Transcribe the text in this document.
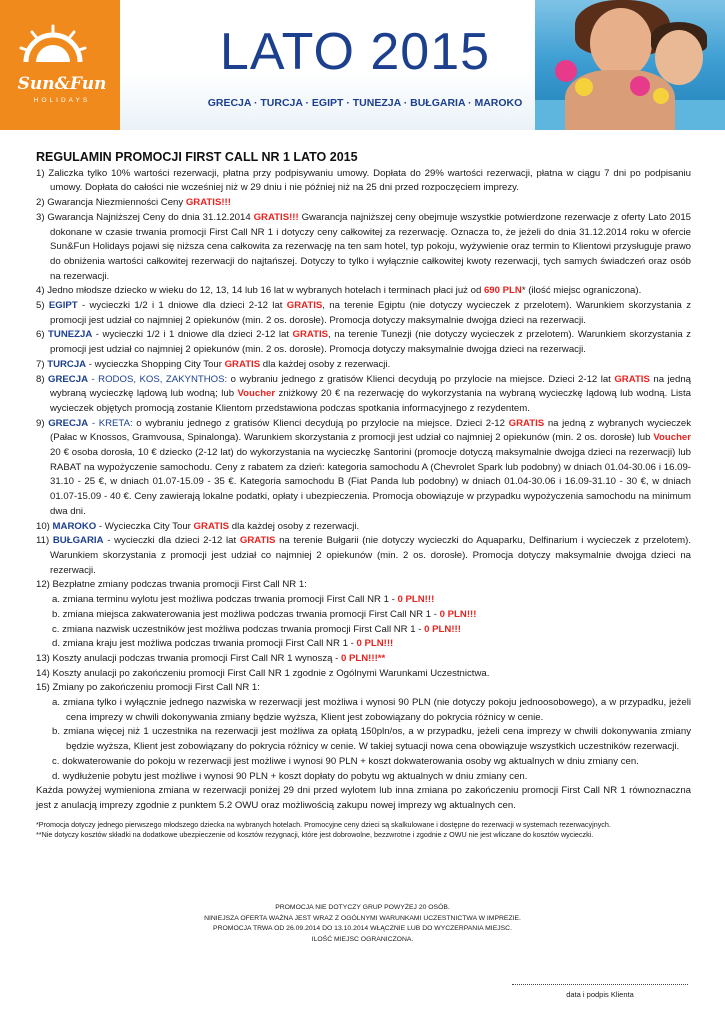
Sun&Fun
HOLIDAYS
LATO 2015
GRECJA · TURCJA · EGIPT · TUNEZJA · BUŁGARIA · MAROKO
REGULAMIN PROMOCJI FIRST CALL NR 1 LATO 2015
1) Zaliczka tylko 10% wartości rezerwacji, płatna przy podpisywaniu umowy. Dopłata do 29% wartości rezerwacji, płatna w ciągu 7 dni po podpisaniu umowy. Dopłata do całości nie wcześniej niż w 29 dniu i nie później niż na 25 dni przed rozpoczęciem imprezy.
2) Gwarancja Niezmienności Ceny GRATIS!!!
3) Gwarancja Najniższej Ceny do dnia 31.12.2014 GRATIS!!! Gwarancja najniższej ceny obejmuje wszystkie potwierdzone rezerwacje z oferty Lato 2015 dokonane w czasie trwania promocji First Call NR 1 i dotyczy ceny całkowitej za rezerwację. Oznacza to, że jeżeli do dnia 31.12.2014 roku w ofercie Sun&Fun Holidays pojawi się niższa cena całkowita za rezerwację na ten sam hotel, typ pokoju, wyżywienie oraz termin to Klientowi przysługuje prawo do obniżenia wartości całkowitej rezerwacji do najtańszej. Dotyczy to tylko i wyłącznie całkowitej kwoty rezerwacji, tych samych świadczeń oraz osób na rezerwacji.
4) Jedno młodsze dziecko w wieku do 12, 13, 14 lub 16 lat w wybranych hotelach i terminach płaci już od 690 PLN* (ilość miejsc ograniczona).
5) EGIPT - wycieczki 1/2 i 1 dniowe dla dzieci 2-12 lat GRATIS, na terenie Egiptu (nie dotyczy wycieczek z przelotem). Warunkiem skorzystania z promocji jest udział co najmniej 2 opiekunów (min. 2 os. dorosłe). Promocja dotyczy maksymalnie dwojga dzieci na rezerwacji.
6) TUNEZJA - wycieczki 1/2 i 1 dniowe dla dzieci 2-12 lat GRATIS, na terenie Tunezji (nie dotyczy wycieczek z przelotem). Warunkiem skorzystania z promocji jest udział co najmniej 2 opiekunów (min. 2 os. dorosłe). Promocja dotyczy maksymalnie dwojga dzieci na rezerwacji.
7) TURCJA - wycieczka Shopping City Tour GRATIS dla każdej osoby z rezerwacji.
8) GRECJA - RODOS, KOS, ZAKYNTHOS: o wybraniu jednego z gratisów Klienci decydują po przylocie na miejsce. Dzieci 2-12 lat GRATIS na jedną wybraną wycieczkę lądową lub wodną; lub Voucher zniżkowy 20 € na rezerwację do wykorzystania na wybraną wycieczkę lądową lub wodną. Lista wycieczek objętych promocją zostanie Klientom przedstawiona podczas spotkania informacyjnego z rezydentem.
9) GRECJA - KRETA: o wybraniu jednego z gratisów Klienci decydują po przylocie na miejsce. Dzieci 2-12 GRATIS na jedną z wybranych wycieczek (Pałac w Knossos, Gramvousa, Spinalonga). Warunkiem skorzystania z promocji jest udział co najmniej 2 opiekunów (min. 2 os. dorosłe) lub Voucher 20 € osoba dorosła, 10 € dziecko (2-12 lat) do wykorzystania na wycieczkę Santorini (promocje dotyczą maksymalnie dwojga dzieci na rezerwacji) lub RABAT na wypożyczenie samochodu. Ceny z rabatem za dzień: kategoria samochodu A (Chevrolet Spark lub podobny) w dniach 01.04-30.06 i 16.09-31.10 - 25 €, w dniach 01.07-15.09 - 35 €. Kategoria samochodu B (Fiat Panda lub podobny) w dniach 01.04-30.06 i 16.09-31.10 - 30 €, w dniach 01.07-15.09 - 40 €. Ceny zawierają lokalne podatki, opłaty i ubezpieczenia. Promocja obowiązuje w przypadku wypożyczenia samochodu na minimum dwa dni.
10) MAROKO - Wycieczka City Tour GRATIS dla każdej osoby z rezerwacji.
11) BUŁGARIA - wycieczki dla dzieci 2-12 lat GRATIS na terenie Bułgarii (nie dotyczy wycieczki do Aquaparku, Delfinarium i wycieczek z przelotem). Warunkiem skorzystania z promocji jest udział co najmniej 2 opiekunów (min. 2 os. dorosłe). Promocja dotyczy maksymalnie dwojga dzieci na rezerwacji.
12) Bezpłatne zmiany podczas trwania promocji First Call NR 1:
a. zmiana terminu wylotu jest możliwa podczas trwania promocji First Call NR 1 - 0 PLN!!!
b. zmiana miejsca zakwaterowania jest możliwa podczas trwania promocji First Call NR 1 - 0 PLN!!!
c. zmiana nazwisk uczestników jest możliwa podczas trwania promocji First Call NR 1 - 0 PLN!!!
d. zmiana kraju jest możliwa podczas trwania promocji First Call NR 1 - 0 PLN!!!
13) Koszty anulacji podczas trwania promocji First Call NR 1 wynoszą - 0 PLN!!!**
14) Koszty anulacji po zakończeniu promocji First Call NR 1 zgodnie z Ogólnymi Warunkami Uczestnictwa.
15) Zmiany po zakończeniu promocji First Call NR 1:
a. zmiana tylko i wyłącznie jednego nazwiska w rezerwacji jest możliwa i wynosi 90 PLN (nie dotyczy pokoju jednoosobowego), a w przypadku, jeżeli cena imprezy w chwili dokonywania zmiany będzie wyższa, Klient jest zobowiązany do pokrycia różnicy w cenie.
b. zmiana więcej niż 1 uczestnika na rezerwacji jest możliwa za opłatą 150pln/os, a w przypadku, jeżeli cena imprezy w chwili dokonywania zmiany będzie wyższa, Klient jest zobowiązany do pokrycia różnicy w cenie. W takiej sytuacji nowa cena obowiązuje wszystkich uczestników rezerwacji.
c. dokwaterowanie do pokoju w rezerwacji jest możliwe i wynosi 90 PLN + koszt dokwaterowania osoby wg aktualnych w dniu zmiany cen.
d. wydłużenie pobytu jest możliwe i wynosi 90 PLN + koszt dopłaty do pobytu wg aktualnych w dniu zmiany cen.
Każda powyżej wymieniona zmiana w rezerwacji poniżej 29 dni przed wylotem lub inna zmiana po zakończeniu promocji First Call NR 1 równoznaczna jest z anulacją imprezy zgodnie z punktem 5.2 OWU oraz możliwością zakupu nowej imprezy wg aktualnych cen.
*Promocja dotyczy jednego pierwszego młodszego dziecka na wybranych hotelach. Promocyjne ceny dzieci są skalkulowane i dostępne do rezerwacji w systemach rezerwacyjnych.
**Nie dotyczy kosztów składki na dodatkowe ubezpieczenie od kosztów rezygnacji, które jest dobrowolne, bezzwrotne i zgodnie z OWU nie jest wliczane do kosztów wycieczki.
PROMOCJA NIE DOTYCZY GRUP POWYŻEJ 20 OSÓB.
NINIEJSZA OFERTA WAŻNA JEST WRAZ Z OGÓLNYMI WARUNKAMI UCZESTNICTWA W IMPREZIE.
PROMOCJA TRWA OD 26.09.2014 DO 13.10.2014 WŁĄCZNIE LUB DO WYCZERPANIA MIEJSC.
ILOŚĆ MIEJSC OGRANICZONA.
data i podpis Klienta
